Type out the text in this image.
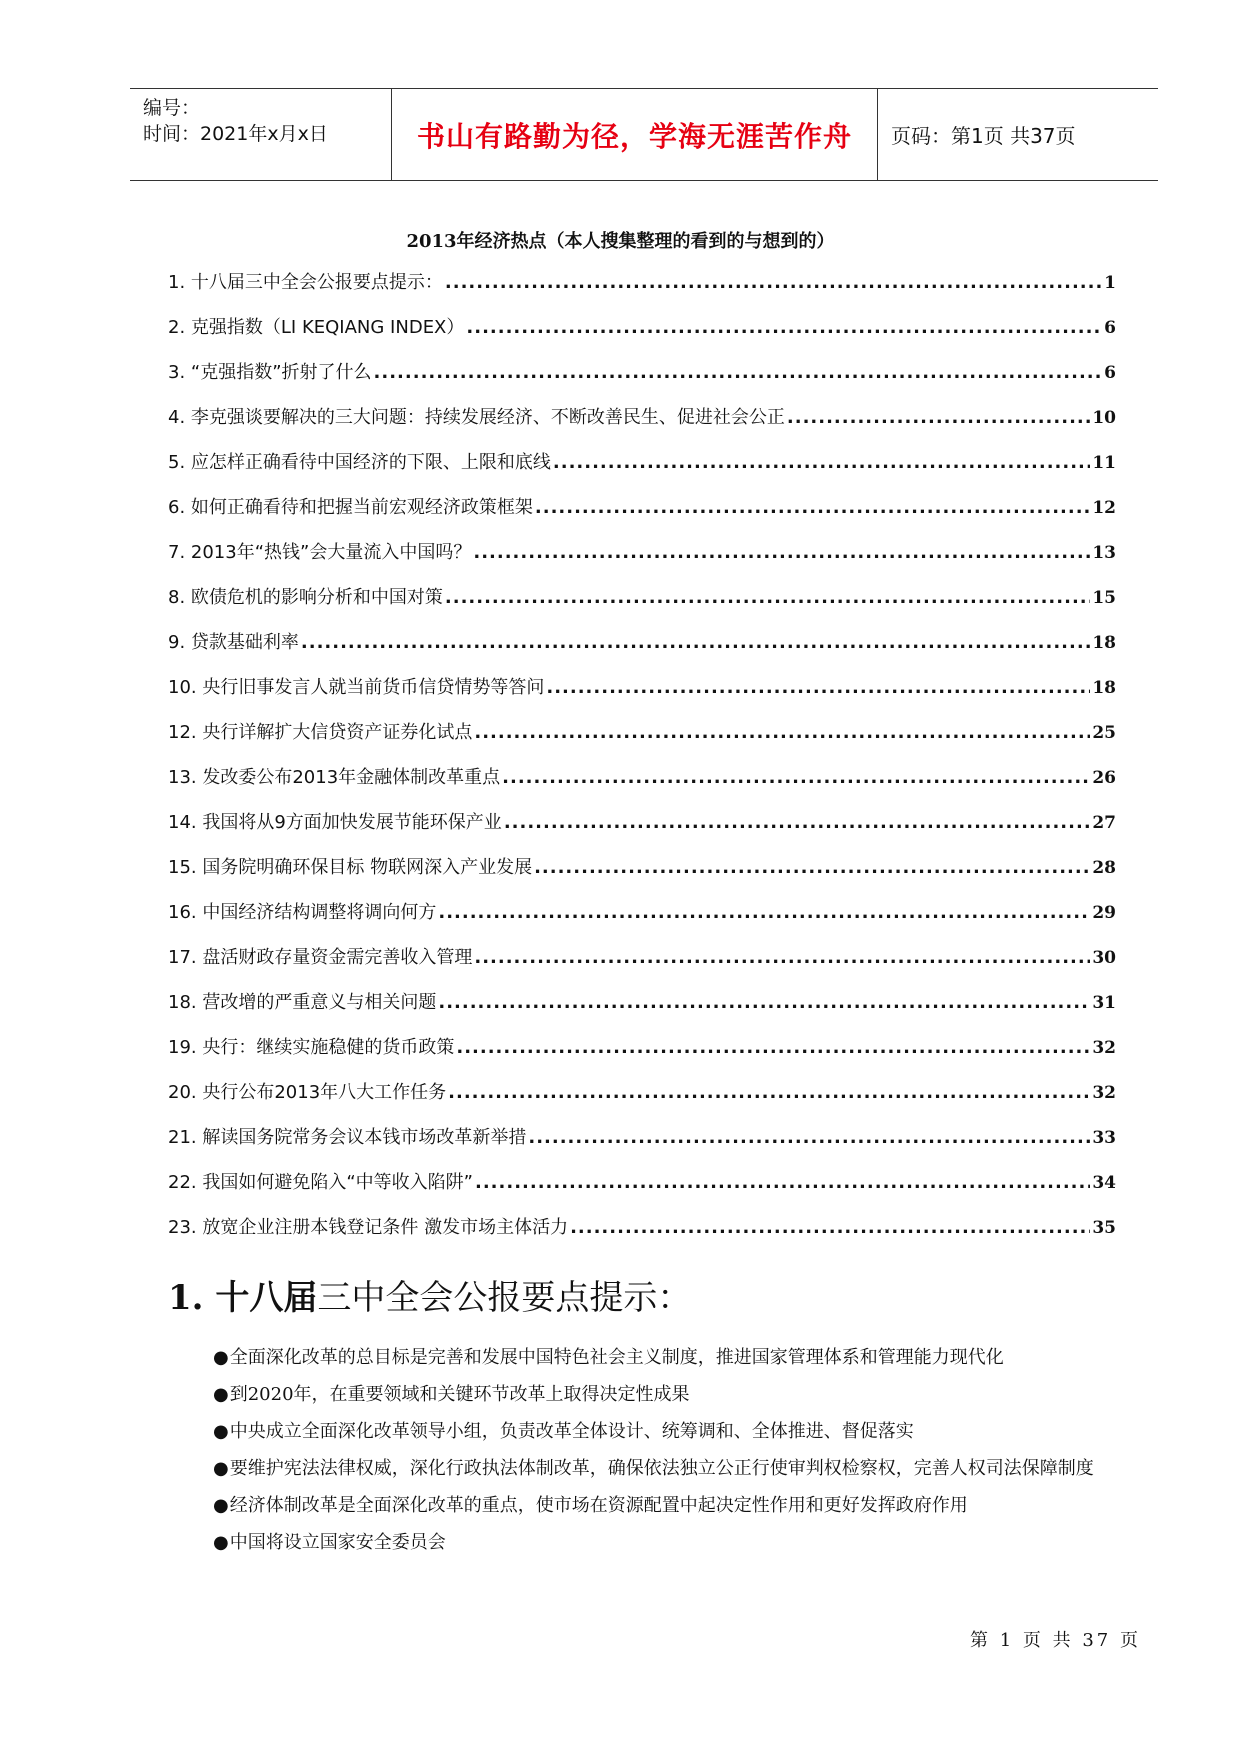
编号：
时间：2021年x月x日	书山有路勤为径，学海无涯苦作舟	页码：第1页 共37页
2013年经济热点（本人搜集整理的看到的与想到的）
1. 十八届三中全会公报要点提示： .....	1
2. 克强指数（LI KEQIANG INDEX） .....	6
3. “克强指数”折射了什么 .....	6
4. 李克强谈要解决的三大问题：持续发展经济、不断改善民生、促进社会公正 .....	10
5. 应怎样正确看待中国经济的下限、上限和底线 .....	11
6. 如何正确看待和把握当前宏观经济政策框架 .....	12
7. 2013年“热钱”会大量流入中国吗？ .....	13
8. 欧债危机的影响分析和中国对策 .....	15
9. 贷款基础利率 .....	18
10. 央行旧事发言人就当前货币信贷情势等答问 .....	18
12. 央行详解扩大信贷资产证券化试点 .....	25
13. 发改委公布2013年金融体制改革重点 .....	26
14. 我国将从9方面加快发展节能环保产业 .....	27
15. 国务院明确环保目标 物联网深入产业发展 .....	28
16. 中国经济结构调整将调向何方 .....	29
17. 盘活财政存量资金需完善收入管理 .....	30
18. 营改增的严重意义与相关问题 .....	31
19. 央行：继续实施稳健的货币政策 .....	32
20. 央行公布2013年八大工作任务 .....	32
21. 解读国务院常务会议本钱市场改革新举措 .....	33
22. 我国如何避免陷入“中等收入陷阱” .....	34
23. 放宽企业注册本钱登记条件 激发市场主体活力 .....	35
1. 十八届三中全会公报要点提示：
●全面深化改革的总目标是完善和发展中国特色社会主义制度，推进国家管理体系和管理能力现代化
●到2020年，在重要领域和关键环节改革上取得决定性成果
●中央成立全面深化改革领导小组，负责改革全体设计、统筹调和、全体推进、督促落实
●要维护宪法法律权威，深化行政执法体制改革，确保依法独立公正行使审判权检察权，完善人权司法保障制度
●经济体制改革是全面深化改革的重点，使市场在资源配置中起决定性作用和更好发挥政府作用
●中国将设立国家安全委员会
第 1 页 共 37 页
